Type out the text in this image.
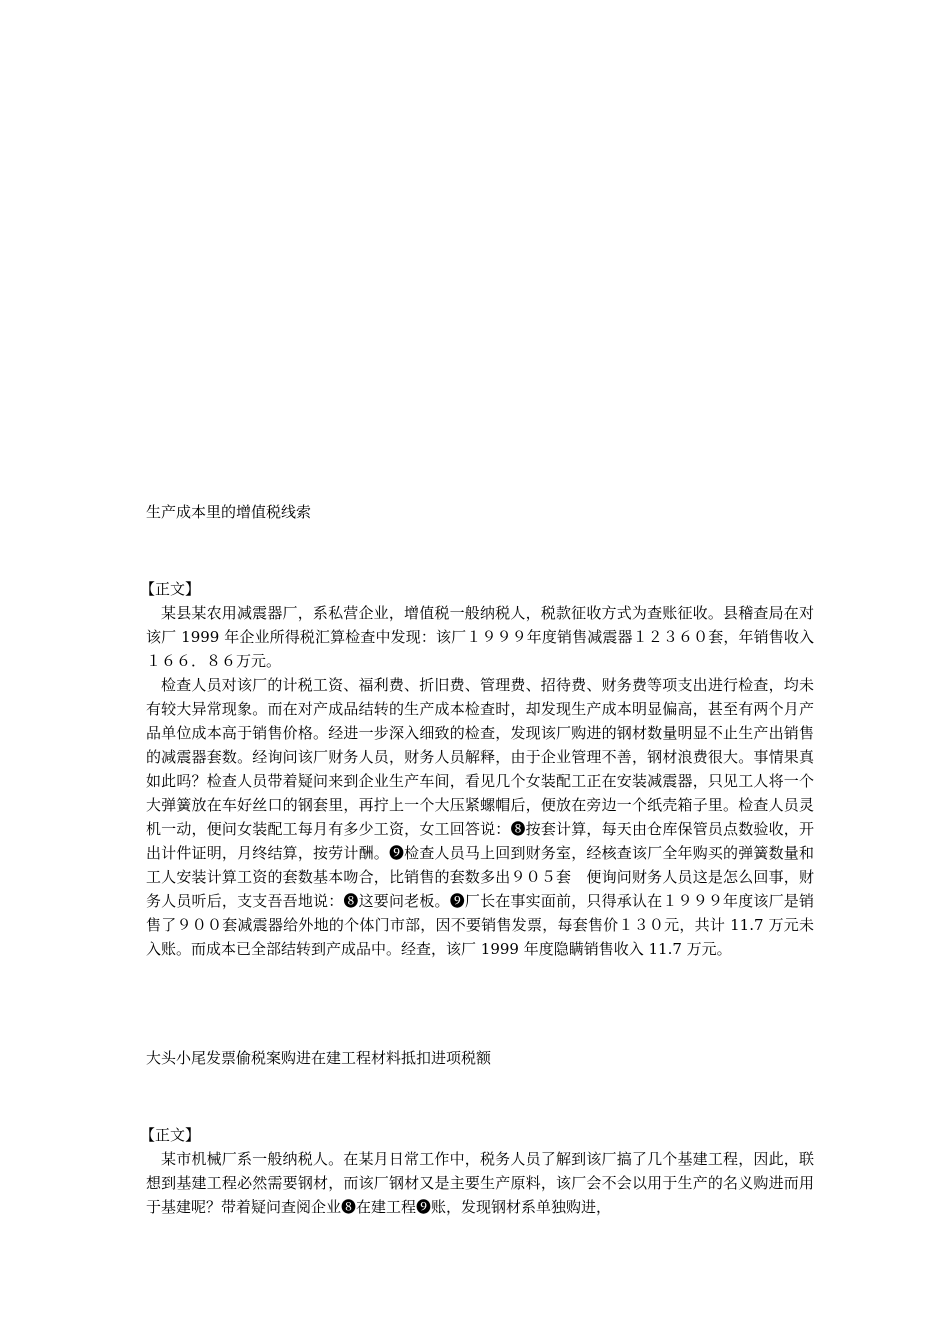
生产成本里的增值税线索
【正文】

某县某农用减震器厂，系私营企业，增值税一般纳税人，税款征收方式为查账征收。县稽查局在对该厂 1999 年企业所得税汇算检查中发现：该厂１９９９年度销售减震器１２３６０套，年销售收入１６６．８６万元。

检查人员对该厂的计税工资、福利费、折旧费、管理费、招待费、财务费等项支出进行检查，均未有较大异常现象。而在对产成品结转的生产成本检查时，却发现生产成本明显偏高，甚至有两个月产品单位成本高于销售价格。经进一步深入细致的检查，发现该厂购进的钢材数量明显不止生产出销售的减震器套数。经询问该厂财务人员，财务人员解释，由于企业管理不善，钢材浪费很大。事情果真如此吗？检查人员带着疑问来到企业生产车间，看见几个女装配工正在安装减震器，只见工人将一个大弹簧放在车好丝口的钢套里，再拧上一个大压紧螺帽后，便放在旁边一个纸壳箱子里。检查人员灵机一动，便问女装配工每月有多少工资，女工回答说：❽按套计算，每天由仓库保管员点数验收，开出计件证明，月终结算，按劳计酬。❾检查人员马上回到财务室，经核查该厂全年购买的弹簧数量和工人安装计算工资的套数基本吻合，比销售的套数多出９０５套　便询问财务人员这是怎么回事，财务人员听后，支支吾吾地说：❽这要问老板。❾厂长在事实面前，只得承认在１９９９年度该厂是销售了９００套减震器给外地的个体门市部，因不要销售发票，每套售价１３０元，共计 11.7 万元未入账。而成本已全部结转到产成品中。经查，该厂 1999 年度隐瞒销售收入 11.7 万元。

大头小尾发票偷税案购进在建工程材料抵扣进项税额
【正文】

某市机械厂系一般纳税人。在某月日常工作中，税务人员了解到该厂搞了几个基建工程，因此，联想到基建工程必然需要钢材，而该厂钢材又是主要生产原料，该厂会不会以用于生产的名义购进而用于基建呢？带着疑问查阅企业❽在建工程❾账，发现钢材系单独购进，
